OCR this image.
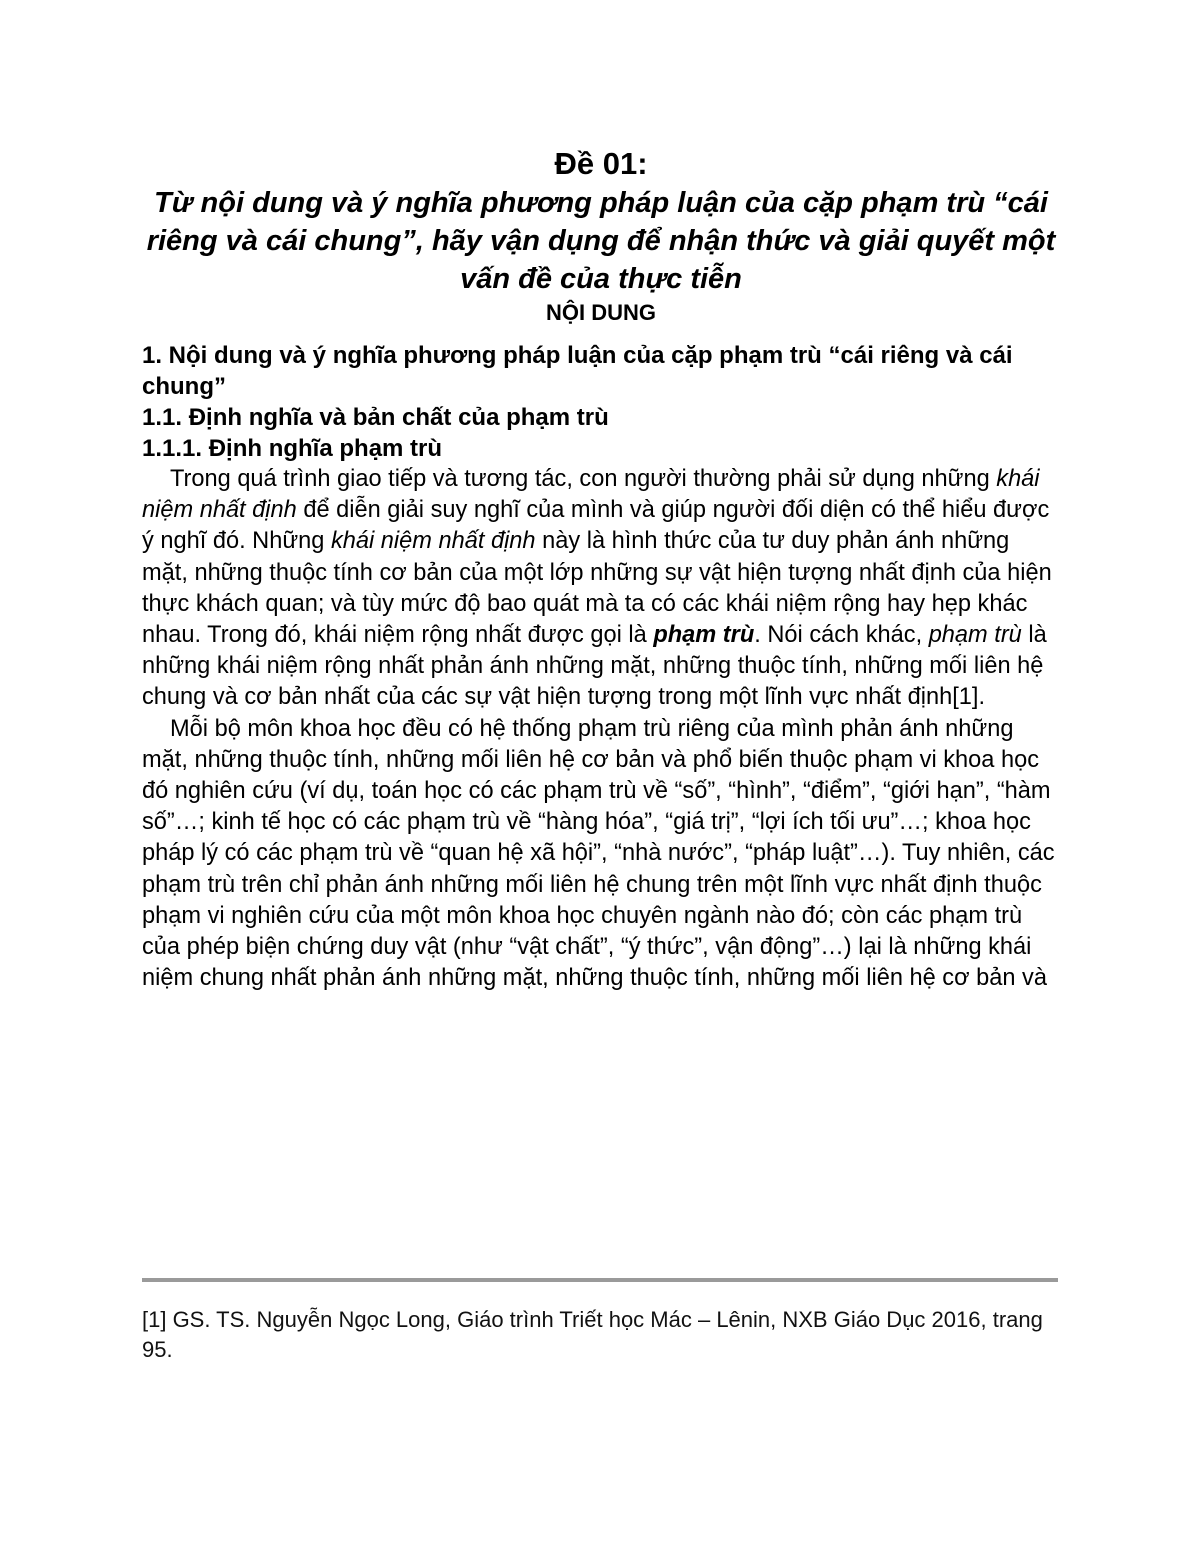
Đề 01:

Từ nội dung và ý nghĩa phương pháp luận của cặp phạm trù “cái riêng và cái chung”, hãy vận dụng để nhận thức và giải quyết một vấn đề của thực tiễn

NỘI DUNG

1. Nội dung và ý nghĩa phương pháp luận của cặp phạm trù “cái riêng và cái chung”

1.1. Định nghĩa và bản chất của phạm trù

1.1.1. Định nghĩa phạm trù

Trong quá trình giao tiếp và tương tác, con người thường phải sử dụng những khái niệm nhất định để diễn giải suy nghĩ của mình và giúp người đối diện có thể hiểu được ý nghĩ đó. Những khái niệm nhất định này là hình thức của tư duy phản ánh những mặt, những thuộc tính cơ bản của một lớp những sự vật hiện tượng nhất định của hiện thực khách quan; và tùy mức độ bao quát mà ta có các khái niệm rộng hay hẹp khác nhau. Trong đó, khái niệm rộng nhất được gọi là phạm trù. Nói cách khác, phạm trù là những khái niệm rộng nhất phản ánh những mặt, những thuộc tính, những mối liên hệ chung và cơ bản nhất của các sự vật hiện tượng trong một lĩnh vực nhất định[1].

Mỗi bộ môn khoa học đều có hệ thống phạm trù riêng của mình phản ánh những mặt, những thuộc tính, những mối liên hệ cơ bản và phổ biến thuộc phạm vi khoa học đó nghiên cứu (ví dụ, toán học có các phạm trù về “số”, “hình”, “điểm”, “giới hạn”, “hàm số”…; kinh tế học có các phạm trù về “hàng hóa”, “giá trị”, “lợi ích tối ưu”…; khoa học pháp lý có các phạm trù về “quan hệ xã hội”, “nhà nước”, “pháp luật”…). Tuy nhiên, các phạm trù trên chỉ phản ánh những mối liên hệ chung trên một lĩnh vực nhất định thuộc phạm vi nghiên cứu của một môn khoa học chuyên ngành nào đó; còn các phạm trù của phép biện chứng duy vật (như “vật chất”, “ý thức”, vận động”…) lại là những khái niệm chung nhất phản ánh những mặt, những thuộc tính, những mối liên hệ cơ bản và

[1] GS. TS. Nguyễn Ngọc Long, Giáo trình Triết học Mác – Lênin, NXB Giáo Dục 2016, trang 95.
